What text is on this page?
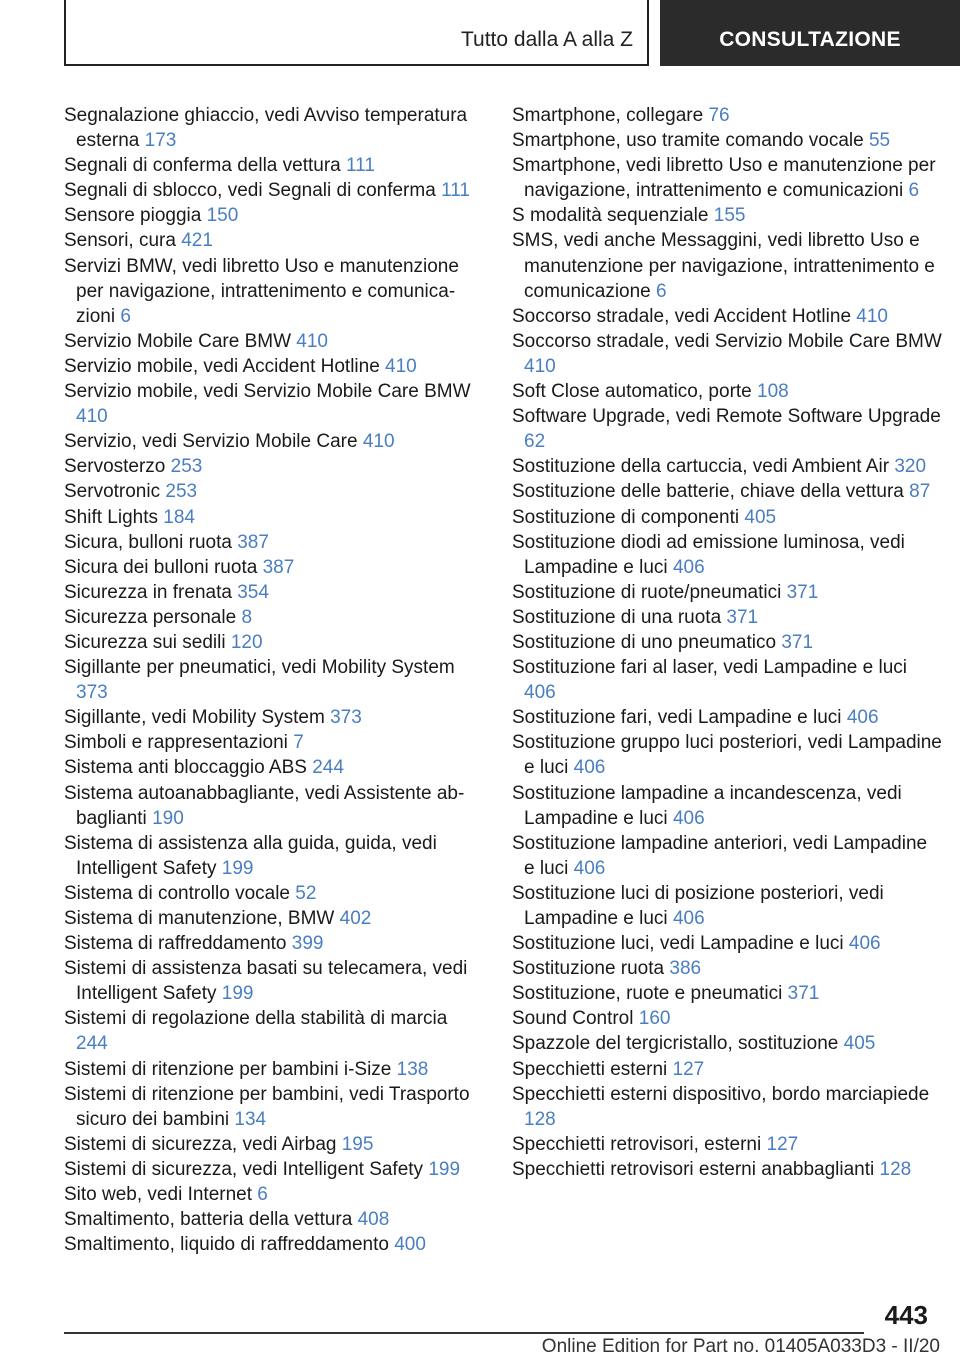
Tutto dalla A alla Z	CONSULTAZIONE
Segnalazione ghiaccio, vedi Avviso temperatura esterna 173
Segnali di conferma della vettura 111
Segnali di sblocco, vedi Segnali di conferma 111
Sensore pioggia 150
Sensori, cura 421
Servizi BMW, vedi libretto Uso e manutenzione per navigazione, intrattenimento e comunicazioni 6
Servizio Mobile Care BMW 410
Servizio mobile, vedi Accident Hotline 410
Servizio mobile, vedi Servizio Mobile Care BMW 410
Servizio, vedi Servizio Mobile Care 410
Servosterzo 253
Servotronic 253
Shift Lights 184
Sicura, bulloni ruota 387
Sicura dei bulloni ruota 387
Sicurezza in frenata 354
Sicurezza personale 8
Sicurezza sui sedili 120
Sigillante per pneumatici, vedi Mobility System 373
Sigillante, vedi Mobility System 373
Simboli e rappresentazioni 7
Sistema anti bloccaggio ABS 244
Sistema autoanabbagliante, vedi Assistente abbaglianti 190
Sistema di assistenza alla guida, guida, vedi Intelligent Safety 199
Sistema di controllo vocale 52
Sistema di manutenzione, BMW 402
Sistema di raffreddamento 399
Sistemi di assistenza basati su telecamera, vedi Intelligent Safety 199
Sistemi di regolazione della stabilità di marcia 244
Sistemi di ritenzione per bambini i-Size 138
Sistemi di ritenzione per bambini, vedi Trasporto sicuro dei bambini 134
Sistemi di sicurezza, vedi Airbag 195
Sistemi di sicurezza, vedi Intelligent Safety 199
Sito web, vedi Internet 6
Smaltimento, batteria della vettura 408
Smaltimento, liquido di raffreddamento 400
Smartphone, collegare 76
Smartphone, uso tramite comando vocale 55
Smartphone, vedi libretto Uso e manutenzione per navigazione, intrattenimento e comunicazioni 6
S modalità sequenziale 155
SMS, vedi anche Messaggini, vedi libretto Uso e manutenzione per navigazione, intrattenimento e comunicazione 6
Soccorso stradale, vedi Accident Hotline 410
Soccorso stradale, vedi Servizio Mobile Care BMW 410
Soft Close automatico, porte 108
Software Upgrade, vedi Remote Software Upgrade 62
Sostituzione della cartuccia, vedi Ambient Air 320
Sostituzione delle batterie, chiave della vettura 87
Sostituzione di componenti 405
Sostituzione diodi ad emissione luminosa, vedi Lampadine e luci 406
Sostituzione di ruote/pneumatici 371
Sostituzione di una ruota 371
Sostituzione di uno pneumatico 371
Sostituzione fari al laser, vedi Lampadine e luci 406
Sostituzione fari, vedi Lampadine e luci 406
Sostituzione gruppo luci posteriori, vedi Lampadine e luci 406
Sostituzione lampadine a incandescenza, vedi Lampadine e luci 406
Sostituzione lampadine anteriori, vedi Lampadine e luci 406
Sostituzione luci di posizione posteriori, vedi Lampadine e luci 406
Sostituzione luci, vedi Lampadine e luci 406
Sostituzione ruota 386
Sostituzione, ruote e pneumatici 371
Sound Control 160
Spazzole del tergicristallo, sostituzione 405
Specchietti esterni 127
Specchietti esterni dispositivo, bordo marciapiede 128
Specchietti retrovisori, esterni 127
Specchietti retrovisori esterni anabbaglianti 128
443
Online Edition for Part no. 01405A033D3 - II/20
